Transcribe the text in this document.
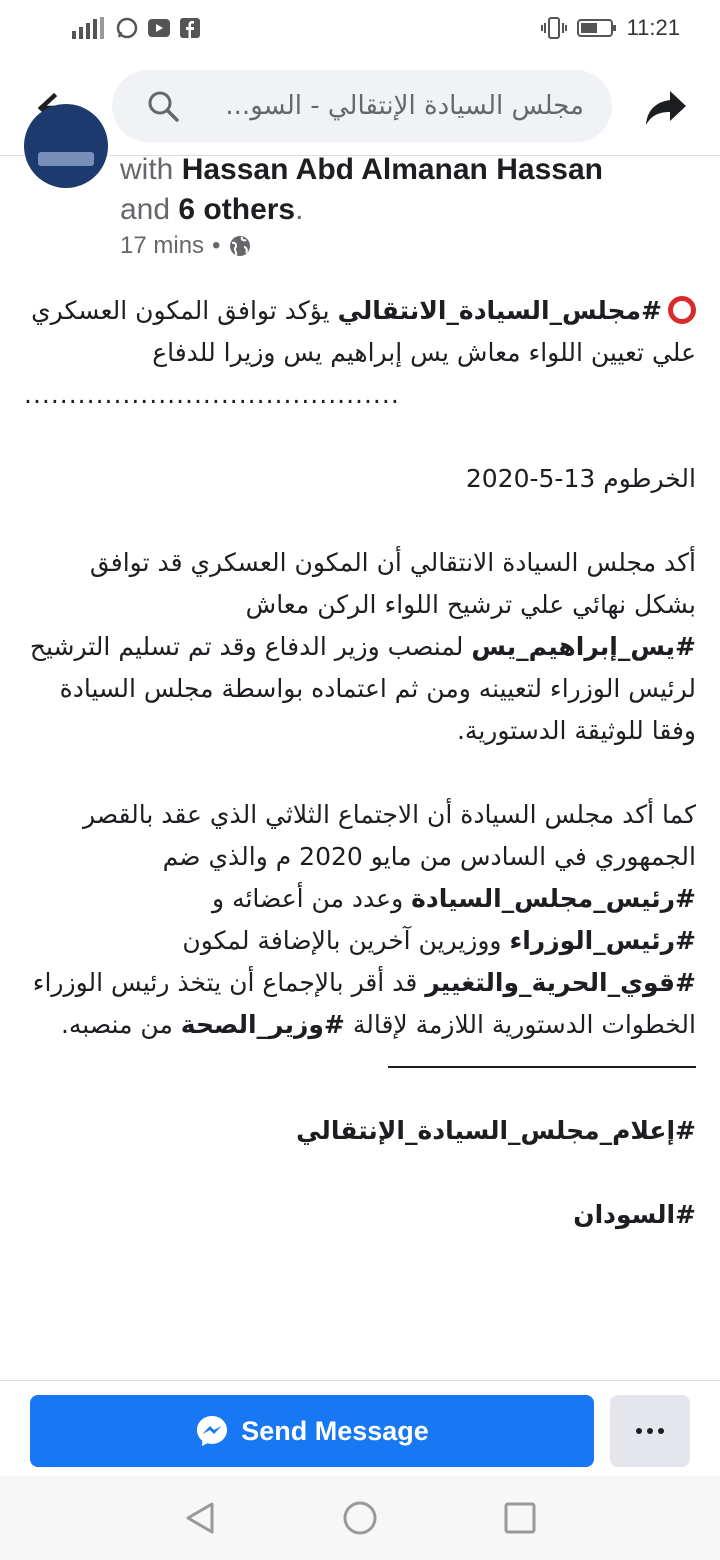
11:21
مجلس السيادة الإنتقالي - السو...
with Hassan Abd Almanan Hassan
and 6 others.
17 mins •

#مجلس_السيادة_الانتقالي يؤكد توافق المكون العسكري علي تعيين اللواء معاش يس إبراهيم يس وزيرا للدفاع

..........................................

الخرطوم 13-5-2020

أكد مجلس السيادة الانتقالي أن المكون العسكري قد توافق بشكل نهائي علي ترشيح اللواء الركن معاش
#يس_إبراهيم_يس لمنصب وزير الدفاع وقد تم تسليم الترشيح لرئيس الوزراء لتعيينه ومن ثم اعتماده بواسطة مجلس السيادة وفقا للوثيقة الدستورية.

كما أكد مجلس السيادة أن الاجتماع الثلاثي الذي عقد بالقصر الجمهوري في السادس من مايو 2020 م والذي ضم
#رئيس_مجلس_السيادة وعدد من أعضائه و
#رئيس_الوزراء ووزيرين آخرين بالإضافة لمكون
#قوي_الحرية_والتغيير قد أقر بالإجماع أن يتخذ رئيس الوزراء الخطوات الدستورية اللازمة لإقالة #وزير_الصحة من منصبه.

#إعلام_مجلس_السيادة_الإنتقالي

#السودان

Send Message
